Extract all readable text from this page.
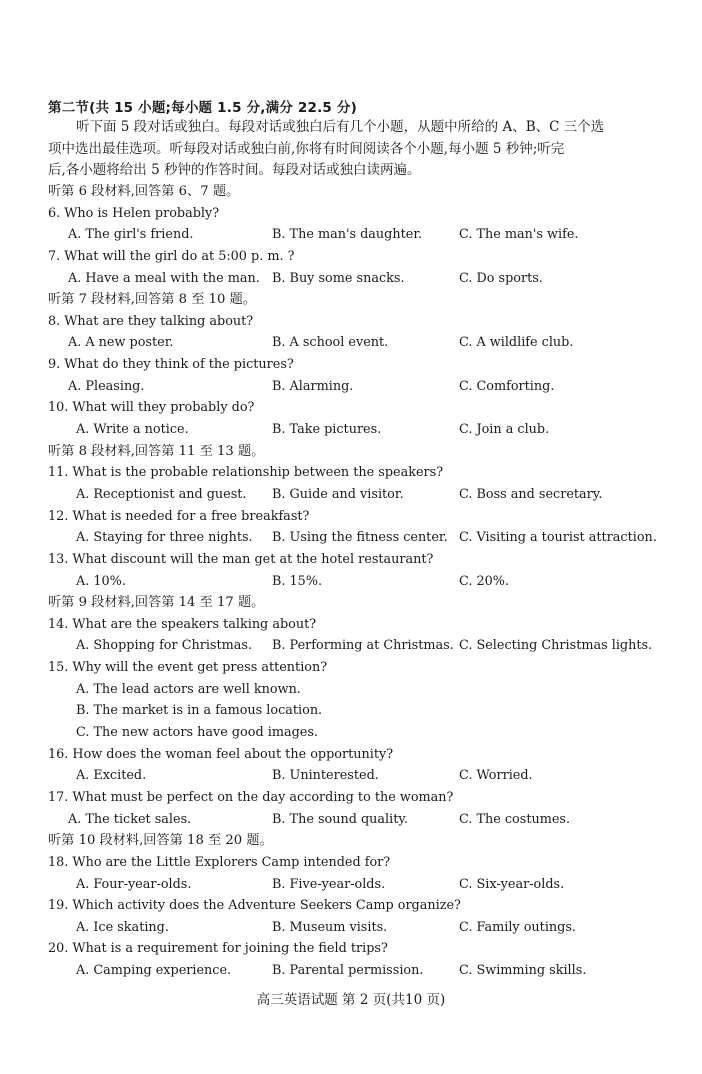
第二节(共 15 小题;每小题 1.5 分,满分 22.5 分)
听下面 5 段对话或独白。每段对话或独白后有几个小题，从题中所给的 A、B、C 三个选
项中选出最佳选项。听每段对话或独白前,你将有时间阅读各个小题,每小题 5 秒钟;听完
后,各小题将给出 5 秒钟的作答时间。每段对话或独白读两遍。
听第 6 段材料,回答第 6、7 题。
6. Who is Helen probably?
A. The girl's friend.	B. The man's daughter.	C. The man's wife.
7. What will the girl do at 5:00 p. m. ?
A. Have a meal with the man. B. Buy some snacks.	C. Do sports.
听第 7 段材料,回答第 8 至 10 题。
8. What are they talking about?
A. A new poster.	B. A school event.	C. A wildlife club.
9. What do they think of the pictures?
A. Pleasing.	B. Alarming.	C. Comforting.
10. What will they probably do?
A. Write a notice.	B. Take pictures.	C. Join a club.
听第 8 段材料,回答第 11 至 13 题。
11. What is the probable relationship between the speakers?
A. Receptionist and guest. B. Guide and visitor.	C. Boss and secretary.
12. What is needed for a free breakfast?
A. Staying for three nights. B. Using the fitness center. C. Visiting a tourist attraction.
13. What discount will the man get at the hotel restaurant?
A. 10%.	B. 15%.	C. 20%.
听第 9 段材料,回答第 14 至 17 题。
14. What are the speakers talking about?
A. Shopping for Christmas. B. Performing at Christmas. C. Selecting Christmas lights.
15. Why will the event get press attention?
A. The lead actors are well known.
B. The market is in a famous location.
C. The new actors have good images.
16. How does the woman feel about the opportunity?
A. Excited.	B. Uninterested.	C. Worried.
17. What must be perfect on the day according to the woman?
A. The ticket sales.	B. The sound quality.	C. The costumes.
听第 10 段材料,回答第 18 至 20 题。
18. Who are the Little Explorers Camp intended for?
A. Four-year-olds.	B. Five-year-olds.	C. Six-year-olds.
19. Which activity does the Adventure Seekers Camp organize?
A. Ice skating.	B. Museum visits.	C. Family outings.
20. What is a requirement for joining the field trips?
A. Camping experience.	B. Parental permission.	C. Swimming skills.
高三英语试题 第 2 页(共10 页)
